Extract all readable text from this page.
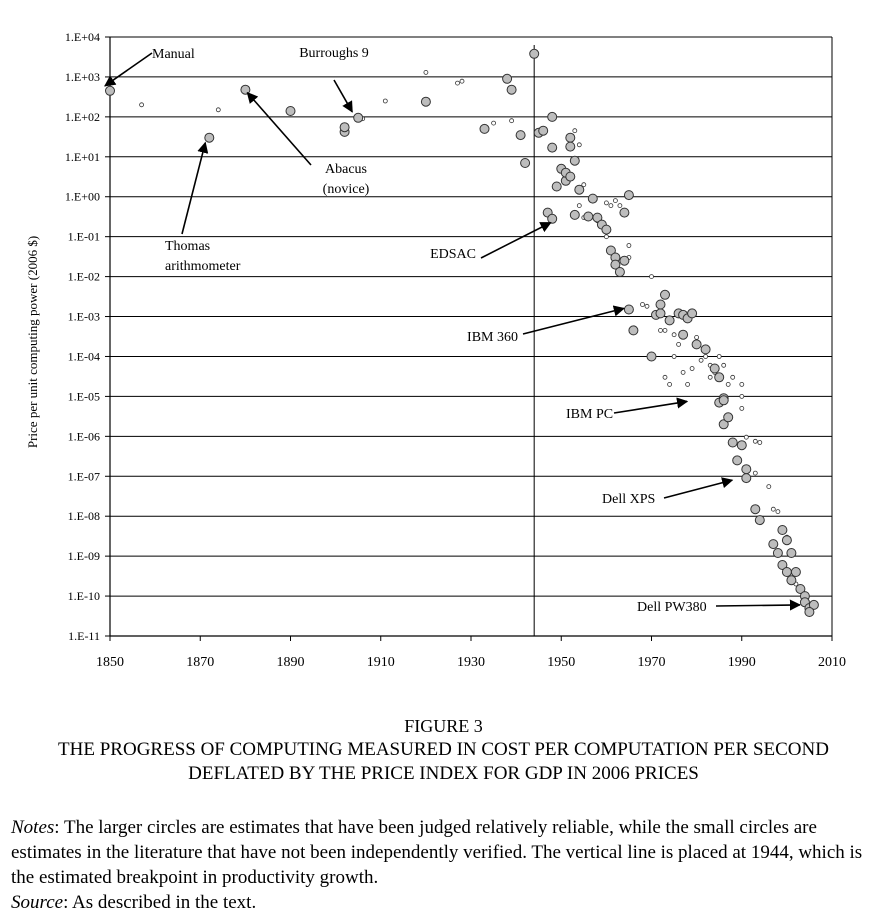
1.E-11
1.E-10
1.E-09
1.E-08
1.E-07
1.E-06
1.E-05
1.E-04
1.E-03
1.E-02
1.E-01
1.E+00
1.E+01
1.E+02
1.E+03
1.E+04
1850	1870	1890	1910	1930	1950	1970	1990	2010
Manual	Burroughs 9
Abacus
(novice)
Thomas
arithmometer
EDSAC
IBM 360
IBM PC
Dell XPS
Dell PW380
Price per unit computing power (2006 $)
FIGURE 3
THE PROGRESS OF COMPUTING MEASURED IN COST PER COMPUTATION PER SECOND DEFLATED BY THE PRICE INDEX FOR GDP IN 2006 PRICES
Notes: The larger circles are estimates that have been judged relatively reliable, while the small circles are estimates in the literature that have not been independently verified. The vertical line is placed at 1944, which is the estimated breakpoint in productivity growth.
Source: As described in the text.
